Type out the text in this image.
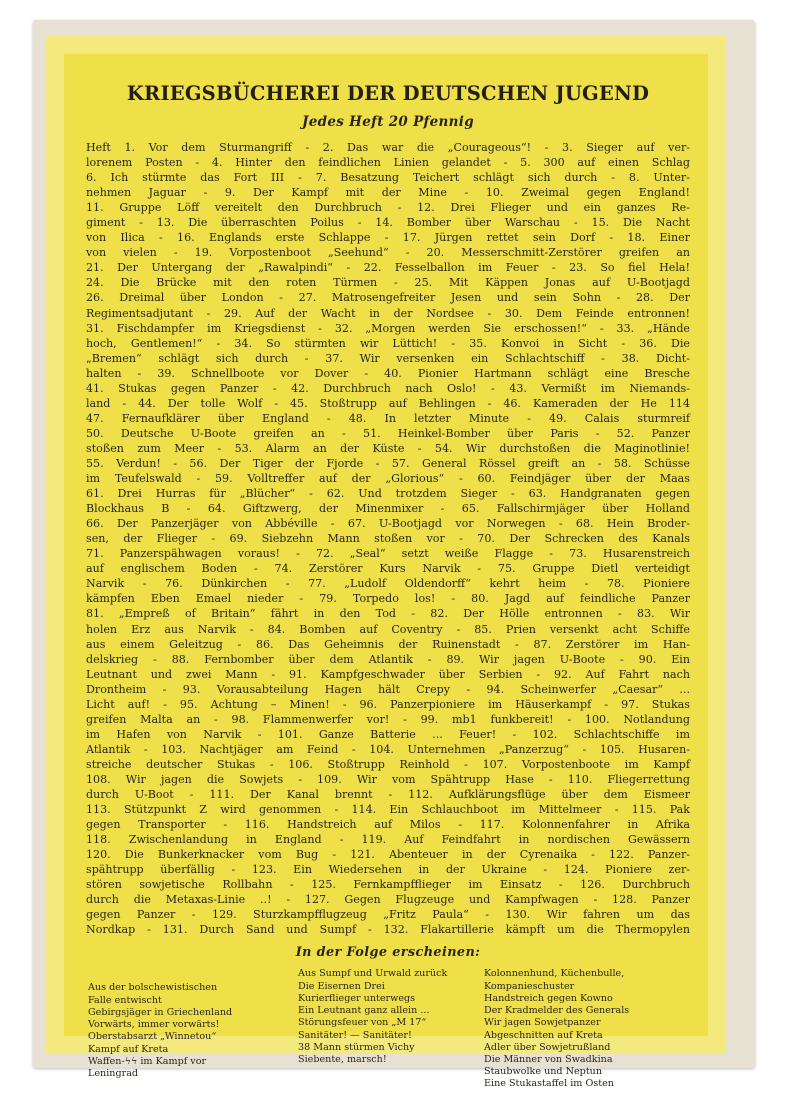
KRIEGSBÜCHEREI DER DEUTSCHEN JUGEND
Jedes Heft 20 Pfennig
Heft 1. Vor dem Sturmangriff - 2. Das war die „Courageous“! - 3. Sieger auf ver-
lorenem Posten - 4. Hinter den feindlichen Linien gelandet - 5. 300 auf einen Schlag
6. Ich stürmte das Fort III - 7. Besatzung Teichert schlägt sich durch - 8. Unter-
nehmen Jaguar - 9. Der Kampf mit der Mine - 10. Zweimal gegen England!
11. Gruppe Löff vereitelt den Durchbruch - 12. Drei Flieger und ein ganzes Re-
giment - 13. Die überraschten Poilus - 14. Bomber über Warschau - 15. Die Nacht
von Ilica - 16. Englands erste Schlappe - 17. Jürgen rettet sein Dorf - 18. Einer
von vielen - 19. Vorpostenboot „Seehund“ - 20. Messerschmitt-Zerstörer greifen an
21. Der Untergang der „Rawalpindi“ - 22. Fesselballon im Feuer - 23. So fiel Hela!
24. Die Brücke mit den roten Türmen - 25. Mit Käppen Jonas auf U-Bootjagd
26. Dreimal über London - 27. Matrosengefreiter Jesen und sein Sohn - 28. Der
Regimentsadjutant - 29. Auf der Wacht in der Nordsee - 30. Dem Feinde entronnen!
31. Fischdampfer im Kriegsdienst - 32. „Morgen werden Sie erschossen!“ - 33. „Hände
hoch, Gentlemen!“ - 34. So stürmten wir Lüttich! - 35. Konvoi in Sicht - 36. Die
„Bremen“ schlägt sich durch - 37. Wir versenken ein Schlachtschiff - 38. Dicht-
halten - 39. Schnellboote vor Dover - 40. Pionier Hartmann schlägt eine Bresche
41. Stukas gegen Panzer - 42. Durchbruch nach Oslo! - 43. Vermißt im Niemands-
land - 44. Der tolle Wolf - 45. Stoßtrupp auf Behlingen - 46. Kameraden der He 114
47. Fernaufklärer über England - 48. In letzter Minute - 49. Calais sturmreif
50. Deutsche U-Boote greifen an - 51. Heinkel-Bomber über Paris - 52. Panzer
stoßen zum Meer - 53. Alarm an der Küste - 54. Wir durchstoßen die Maginotlinie!
55. Verdun! - 56. Der Tiger der Fjorde - 57. General Rössel greift an - 58. Schüsse
im Teufelswald - 59. Volltreffer auf der „Glorious“ - 60. Feindjäger über der Maas
61. Drei Hurras für „Blücher“ - 62. Und trotzdem Sieger - 63. Handgranaten gegen
Blockhaus B - 64. Giftzwerg, der Minenmixer - 65. Fallschirmjäger über Holland
66. Der Panzerjäger von Abbéville - 67. U-Bootjagd vor Norwegen - 68. Hein Broder-
sen, der Flieger - 69. Siebzehn Mann stoßen vor - 70. Der Schrecken des Kanals
71. Panzerspähwagen voraus! - 72. „Seal“ setzt weiße Flagge - 73. Husarenstreich
auf englischem Boden - 74. Zerstörer Kurs Narvik - 75. Gruppe Dietl verteidigt
Narvik - 76. Dünkirchen - 77. „Ludolf Oldendorff“ kehrt heim - 78. Pioniere
kämpfen Eben Emael nieder - 79. Torpedo los! - 80. Jagd auf feindliche Panzer
81. „Empreß of Britain“ fährt in den Tod - 82. Der Hölle entronnen - 83. Wir
holen Erz aus Narvik - 84. Bomben auf Coventry - 85. Prien versenkt acht Schiffe
aus einem Geleitzug - 86. Das Geheimnis der Ruinenstadt - 87. Zerstörer im Han-
delskrieg - 88. Fernbomber über dem Atlantik - 89. Wir jagen U-Boote - 90. Ein
Leutnant und zwei Mann - 91. Kampfgeschwader über Serbien - 92. Auf Fahrt nach
Drontheim - 93. Vorausabteilung Hagen hält Crepy - 94. Scheinwerfer „Caesar“ ...
Licht auf! - 95. Achtung – Minen! - 96. Panzerpioniere im Häuserkampf - 97. Stukas
greifen Malta an - 98. Flammenwerfer vor! - 99. mb1 funkbereit! - 100. Notlandung
im Hafen von Narvik - 101. Ganze Batterie ... Feuer! - 102. Schlachtschiffe im
Atlantik - 103. Nachtjäger am Feind - 104. Unternehmen „Panzerzug“ - 105. Husaren-
streiche deutscher Stukas - 106. Stoßtrupp Reinhold - 107. Vorpostenboote im Kampf
108. Wir jagen die Sowjets - 109. Wir vom Spähtrupp Hase - 110. Fliegerrettung
durch U-Boot - 111. Der Kanal brennt - 112. Aufklärungsflüge über dem Eismeer
113. Stützpunkt Z wird genommen - 114. Ein Schlauchboot im Mittelmeer - 115. Pak
gegen Transporter - 116. Handstreich auf Milos - 117. Kolonnenfahrer in Afrika
118. Zwischenlandung in England - 119. Auf Feindfahrt in nordischen Gewässern
120. Die Bunkerknacker vom Bug - 121. Abenteuer in der Cyrenaika - 122. Panzer-
spähtrupp überfällig - 123. Ein Wiedersehen in der Ukraine - 124. Pioniere zer-
stören sowjetische Rollbahn - 125. Fernkampfflieger im Einsatz - 126. Durchbruch
durch die Metaxas-Linie ..! - 127. Gegen Flugzeuge und Kampfwagen - 128. Panzer
gegen Panzer - 129. Sturzkampfflugzeug „Fritz Paula“ - 130. Wir fahren um das
Nordkap - 131. Durch Sand und Sumpf - 132. Flakartillerie kämpft um die Thermopylen
In der Folge erscheinen:
Aus der bolschewistischen
Falle entwischt
Gebirgsjäger in Griechenland
Vorwärts, immer vorwärts!
Oberstabsarzt „Winnetou“
Kampf auf Kreta
Waffen-ϟϟ im Kampf vor
Leningrad
Aus Sumpf und Urwald zurück
Die Eisernen Drei
Kurierflieger unterwegs
Ein Leutnant ganz allein ...
Störungsfeuer von „M 17“
Sanitäter! — Sanitäter!
38 Mann stürmen Vichy
Siebente, marsch!
Kolonnenhund, Küchenbulle,
Kompanieschuster
Handstreich gegen Kowno
Der Kradmelder des Generals
Wir jagen Sowjetpanzer
Abgeschnitten auf Kreta
Adler über Sowjetrußland
Die Männer von Swadkina
Staubwolke und Neptun
Eine Stukastaffel im Osten
